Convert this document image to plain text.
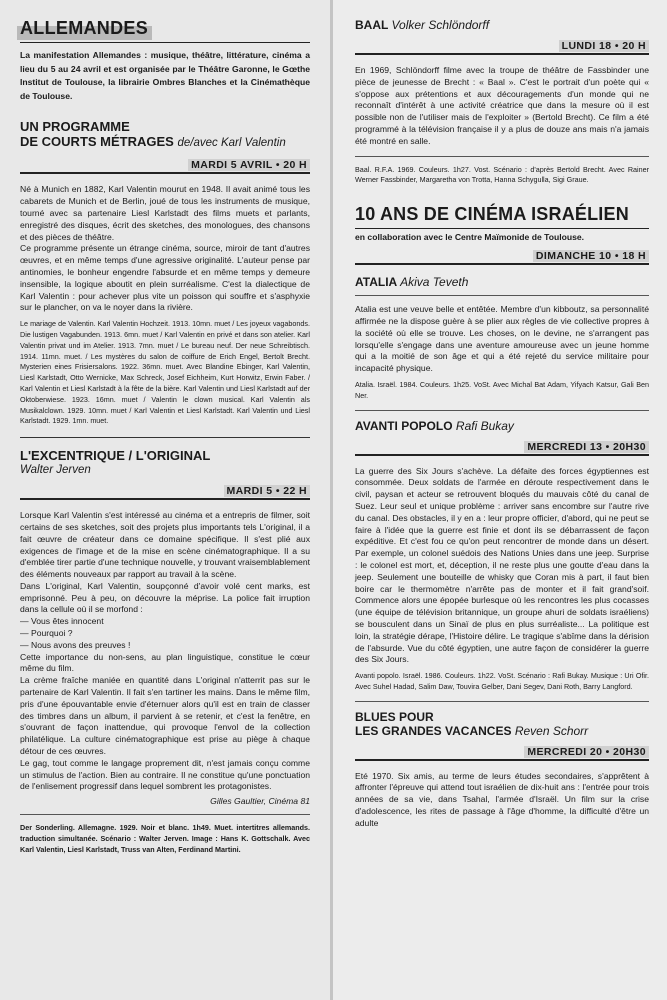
ALLEMANDES

La manifestation Allemandes : musique, théâtre, littérature, cinéma a lieu du 5 au 24 avril et est organisée par le Théâtre Garonne, le Gœthe Institut de Toulouse, la librairie Ombres Blanches et la Cinémathèque de Toulouse.

UN PROGRAMME
DE COURTS MÉTRAGES de/avec Karl Valentin
MARDI 5 AVRIL • 20 H

Né à Munich en 1882, Karl Valentin mourut en 1948. Il avait animé tous les cabarets de Munich et de Berlin, joué de tous les instruments de musique, tourné avec sa partenaire Liesl Karlstadt des films muets et parlants, enregistré des disques, écrit des sketches, des monologues, des chansons et des pièces de théâtre.

Ce programme présente un étrange cinéma, source, miroir de tant d'autres œuvres, et en même temps d'une agressive originalité. L'auteur pense par antinomies, le bonheur engendre l'absurde et en même temps y demeure insensible, la logique aboutit en plein surréalisme. C'est la dialectique de Karl Valentin : pour achever plus vite un poisson qui souffre et s'asphyxie sur le plancher, on va le noyer dans la rivière.

Le mariage de Valentin. Karl Valentin Hochzeit. 1913. 10mn. muet / Les joyeux vagabonds. Die lustigen Vagabunden. 1913. 6mn. muet / Karl Valentin en privé et dans son atelier. Karl Valentin privat und im Atelier. 1913. 7mn. muet / Le bureau neuf. Der neue Schreibtisch. 1914. 11mn. muet. / Les mystères du salon de coiffure de Erich Engel, Bertolt Brecht. Mysterien eines Frisiersalons. 1922. 36mn. muet. Avec Blandine Ebinger, Karl Valentin, Liesl Karlstadt, Otto Wernicke, Max Schreck, Josef Eichheim, Kurt Horwitz, Erwin Faber. / Karl Valentin et Liesl Karlstadt à la fête de la bière. Karl Valentin und Liesl Karlstadt auf der Oktoberwiese. 1923. 16mn. muet / Valentin le clown musical. Karl Valentin als Musikalclown. 1929. 10mn. muet / Karl Valentin et Liesl Karlstadt. Karl Valentin und Liesl Karlstadt. 1929. 1mn. muet.
L'EXCENTRIQUE / L'ORIGINAL
Walter Jerven
MARDI 5 • 22 H

Lorsque Karl Valentin s'est intéressé au cinéma et a entrepris de filmer, soit certains de ses sketches, soit des projets plus importants tels L'original, il a fait œuvre de créateur dans ce domaine spécifique. Il s'est plié aux exigences de l'image et de la mise en scène cinématographique. Il a su d'emblée tirer partie d'une technique nouvelle, y trouvant vraisemblablement des éléments nouveaux par rapport au travail à la scène.

Dans L'original, Karl Valentin, soupçonné d'avoir volé cent marks, est emprisonné. Peu à peu, on découvre la méprise. La police fait irruption dans la cellule où il se morfond :

— Vous êtes innocent

— Pourquoi ?

— Nous avons des preuves !

Cette importance du non-sens, au plan linguistique, constitue le cœur même du film.

La crème fraîche maniée en quantité dans L'original n'atterrit pas sur le partenaire de Karl Valentin. Il fait s'en tartiner les mains. Dans le même film, pris d'une épouvantable envie d'éternuer alors qu'il est en train de classer des timbres dans un album, il parvient à se retenir, et c'est la fenêtre, en s'ouvrant de façon inattendue, qui provoque l'envol de la collection philatélique. La culture cinématographique est prise au piège à chaque détour de ces œuvres.

Le gag, tout comme le langage proprement dit, n'est jamais conçu comme un stimulus de l'action. Bien au contraire. Il ne constitue qu'une ponctuation de l'enlisement progressif dans lequel sombrent les protagonistes.

Gilles Gaultier, Cinéma 81
Der Sonderling. Allemagne. 1929. Noir et blanc. 1h49. Muet. intertitres allemands. traduction simultanée. Scénario : Walter Jerven. Image : Hans K. Gottschalk. Avec Karl Valentin, Liesl Karlstadt, Truss van Alten, Ferdinand Martini.
BAAL Volker Schlöndorff
LUNDI 18 • 20 H

En 1969, Schlöndorff filme avec la troupe de théâtre de Fassbinder une pièce de jeunesse de Brecht : « Baal ». C'est le portrait d'un poète qui « s'oppose aux prétentions et aux découragements d'un monde qui ne reconnaît d'intérêt à une activité créatrice que dans la mesure où il est possible non de l'utiliser mais de l'exploiter » (Bertold Brecht). Ce film a été programmé à la télévision française il y a plus de douze ans mais n'a jamais été montré en salle.

Baal. R.F.A. 1969. Couleurs. 1h27. Vost. Scénario : d'après Bertold Brecht. Avec Rainer Werner Fassbinder, Margaretha von Trotta, Hanna Schygulla, Sigi Graue.
10 ANS DE CINÉMA ISRAÉLIEN

en collaboration avec le Centre Maïmonide de Toulouse.

DIMANCHE 10 • 18 H
ATALIA Akiva Teveth

Atalia est une veuve belle et entêtée. Membre d'un kibboutz, sa personnalité affirmée ne la dispose guère à se plier aux règles de vie collective propres à la société où elle se trouve. Les choses, on le devine, ne s'arrangent pas lorsqu'elle s'engage dans une aventure amoureuse avec un jeune homme qui a la moitié de son âge et qui a été rejeté du service militaire pour incapacité physique.

Atalia. Israël. 1984. Couleurs. 1h25. VoSt. Avec Michal Bat Adam, Yifyach Katsur, Gali Ben Ner.
AVANTI POPOLO Rafi Bukay
MERCREDI 13 • 20H30

La guerre des Six Jours s'achève. La défaite des forces égyptiennes est consommée. Deux soldats de l'armée en déroute respectivement dans le civil, paysan et acteur se retrouvent bloqués du mauvais côté du canal de Suez. Leur seul et unique problème : arriver sans encombre sur l'autre rive du canal. Des obstacles, il y en a : leur propre officier, d'abord, qui ne peut se faire à l'idée que la guerre est finie et dont ils se débarrassent de façon expéditive. Et c'est fou ce qu'on peut rencontrer de monde dans un désert. Par exemple, un colonel suédois des Nations Unies dans une jeep. Surprise : le colonel est mort, et, déception, il ne reste plus une goutte d'eau dans la jeep. Seulement une bouteille de whisky que Coran mis à part, il faut bien boire car le thermomètre n'arrête pas de monter et il fait grand'soif. Commence alors une épopée burlesque où les rencontres les plus cocasses (une équipe de télévision britannique, un groupe ahuri de soldats israéliens) se bousculent dans un Sinaï de plus en plus surréaliste... La politique est loin, la stratégie dérape, l'Histoire délire. Le tragique s'abîme dans la dérision de l'absurde. Vue du côté égyptien, une autre façon de considérer la guerre des Six Jours.

Avanti popolo. Israël. 1986. Couleurs. 1h22. VoSt. Scénario : Rafi Bukay. Musique : Uri Ofir. Avec Suhel Hadad, Salim Daw, Touvira Gelber, Dani Segev, Dani Roth, Barry Langford.
BLUES POUR
LES GRANDES VACANCES Reven Schorr
MERCREDI 20 • 20H30

Eté 1970. Six amis, au terme de leurs études secondaires, s'apprêtent à affronter l'épreuve qui attend tout israélien de dix-huit ans : l'entrée pour trois années de sa vie, dans Tsahal, l'armée d'Israël. Un film sur la crise d'adolescence, les rites de passage à l'âge d'homme, la difficulté d'être un adulte
